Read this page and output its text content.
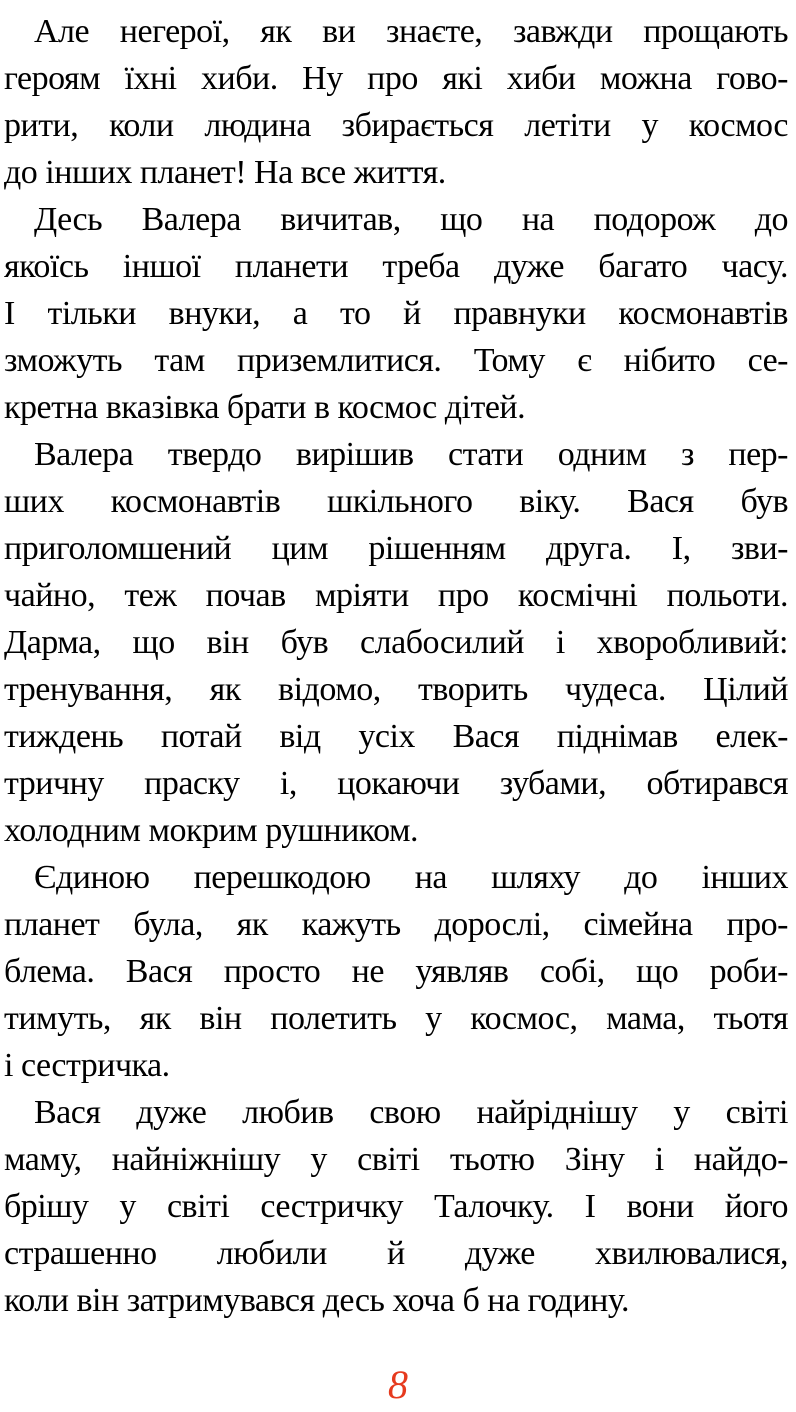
Але негерої, як ви знаєте, завжди прощають
героям їхні хиби. Ну про які хиби можна гово-
рити, коли людина збирається летіти у космос
до інших планет! На все життя.
Десь Валера вичитав, що на подорож до
якоїсь іншої планети треба дуже багато часу.
І тільки внуки, а то й правнуки космонавтів
зможуть там приземлитися. Тому є нібито се-
кретна вказівка брати в космос дітей.
Валера твердо вирішив стати одним з пер-
ших космонавтів шкільного віку. Вася був
приголомшений цим рішенням друга. І, зви-
чайно, теж почав мріяти про космічні польоти.
Дарма, що він був слабосилий і хворобливий:
тренування, як відомо, творить чудеса. Цілий
тиждень потай від усіх Вася піднімав елек-
тричну праску і, цокаючи зубами, обтирався
холодним мокрим рушником.
Єдиною перешкодою на шляху до інших
планет була, як кажуть дорослі, сімейна про-
блема. Вася просто не уявляв собі, що роби-
тимуть, як він полетить у космос, мама, тьотя
і сестричка.
Вася дуже любив свою найріднішу у світі
маму, найніжнішу у світі тьотю Зіну і найдо-
брішу у світі сестричку Талочку. І вони його
страшенно любили й дуже хвилювалися,
коли він затримувався десь хоча б на годину.
8
